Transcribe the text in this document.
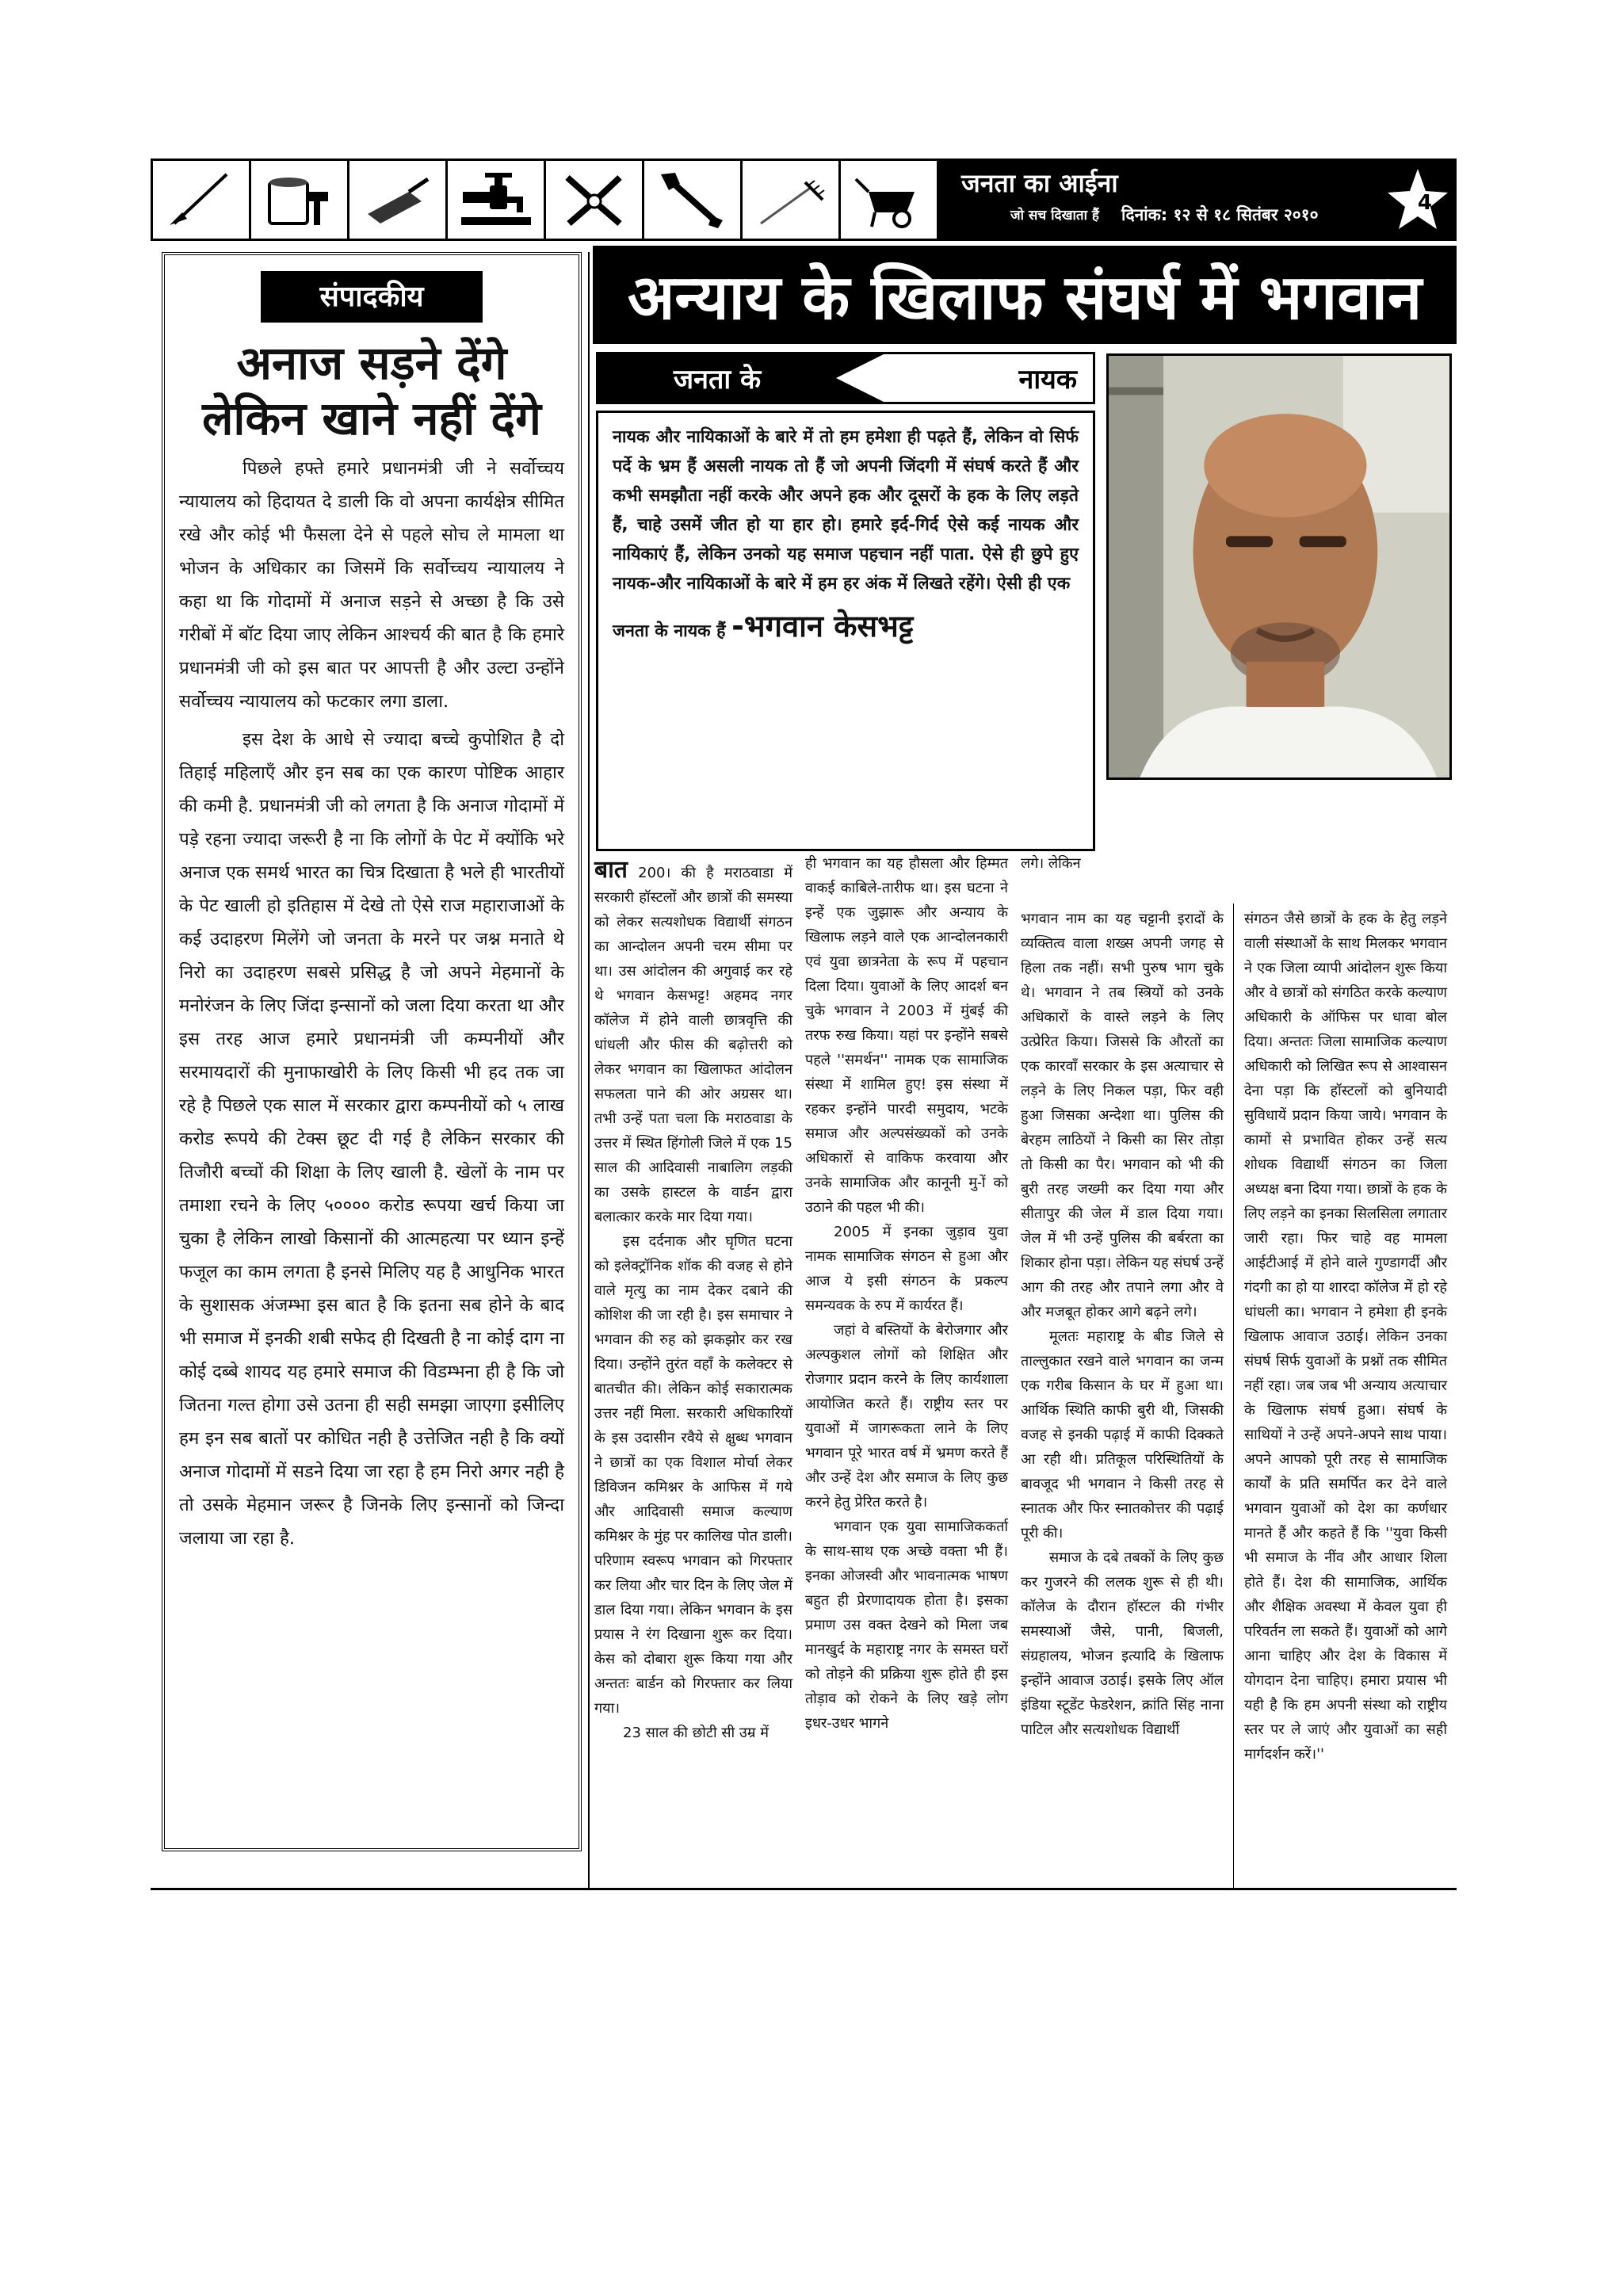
जनता का आईना
जो सच दिखाता हैं दिनांक: १२ से १८ सितंबर २०१०	4
संपादकीय
अनाज सड़ने देंगे
लेकिन खाने नहीं देंगे

पिछले हफ्ते हमारे प्रधानमंत्री जी ने सर्वोच्चय न्यायालय को हिदायत दे डाली कि वो अपना कार्यक्षेत्र सीमित रखे और कोई भी फैसला देने से पहले सोच ले मामला था भोजन के अधिकार का जिसमें कि सर्वोच्चय न्यायालय ने कहा था कि गोदामों में अनाज सड़ने से अच्छा है कि उसे गरीबों में बॉट दिया जाए लेकिन आश्चर्य की बात है कि हमारे प्रधानमंत्री जी को इस बात पर आपत्ती है और उल्टा उन्होंने सर्वोच्चय न्यायालय को फटकार लगा डाला.

इस देश के आधे से ज्यादा बच्चे कुपोशित है दो तिहाई महिलाएँ और इन सब का एक कारण पोष्टिक आहार की कमी है. प्रधानमंत्री जी को लगता है कि अनाज गोदामों में पड़े रहना ज्यादा जरूरी है ना कि लोगों के पेट में क्योंकि भरे अनाज एक समर्थ भारत का चित्र दिखाता है भले ही भारतीयों के पेट खाली हो इतिहास में देखे तो ऐसे राज महाराजाओं के कई उदाहरण मिलेंगे जो जनता के मरने पर जश्न मनाते थे निरो का उदाहरण सबसे प्रसिद्ध है जो अपने मेहमानों के मनोरंजन के लिए जिंदा इन्सानों को जला दिया करता था और इस तरह आज हमारे प्रधानमंत्री जी कम्पनीयों और सरमायदारों की मुनाफाखोरी के लिए किसी भी हद तक जा रहे है पिछले एक साल में सरकार द्वारा कम्पनीयों को ५ लाख करोड रूपये की टेक्स छूट दी गई है लेकिन सरकार की तिजौरी बच्चों की शिक्षा के लिए खाली है. खेलों के नाम पर तमाशा रचने के लिए ५०००० करोड रूपया खर्च किया जा चुका है लेकिन लाखो किसानों की आत्महत्या पर ध्यान इन्हें फजूल का काम लगता है इनसे मिलिए यह है आधुनिक भारत के सुशासक अंजम्भा इस बात है कि इतना सब होने के बाद भी समाज में इनकी शबी सफेद ही दिखती है ना कोई दाग ना कोई दब्बे शायद यह हमारे समाज की विडम्भना ही है कि जो जितना गल्त होगा उसे उतना ही सही समझा जाएगा इसीलिए हम इन सब बातों पर कोधित नही है उत्तेजित नही है कि क्यों अनाज गोदामों में सडने दिया जा रहा है हम निरो अगर नही है तो उसके मेहमान जरूर है जिनके लिए इन्सानों को जिन्दा जलाया जा रहा है.

अन्याय के खिलाफ संघर्ष में भगवान
जनता के	नायक

नायक और नायिकाओं के बारे में तो हम हमेशा ही पढ़ते हैं, लेकिन वो सिर्फ पर्दे के भ्रम हैं असली नायक तो हैं जो अपनी जिंदगी में संघर्ष करते हैं और कभी समझौता नहीं करके और अपने हक और दूसरों के हक के लिए लड़ते हैं, चाहे उसमें जीत हो या हार हो। हमारे इर्द-गिर्द ऐसे कई नायक और नायिकाएं हैं, लेकिन उनको यह समाज पहचान नहीं पाता. ऐसे ही छुपे हुए नायक-और नायिकाओं के बारे में हम हर अंक में लिखते रहेंगे। ऐसी ही एक

जनता के नायक हैं -भगवान केसभट्ट

बात 200। की है मराठवाडा में सरकारी हॉस्टलों और छात्रों की समस्या को लेकर सत्यशोधक विद्यार्थी संगठन का आन्दोलन अपनी चरम सीमा पर था। उस आंदोलन की अगुवाई कर रहे थे भगवान केसभट्ट! अहमद नगर कॉलेज में होने वाली छात्रवृत्ति की धांधली और फीस की बढ़ोत्तरी को लेकर भगवान का खिलाफत आंदोलन सफलता पाने की ओर अग्रसर था। तभी उन्हें पता चला कि मराठवाडा के उत्तर में स्थित हिंगोली जिले में एक 15 साल की आदिवासी नाबालिग लड़की का उसके हास्टल के वार्डन द्वारा बलात्कार करके मार दिया गया।

इस दर्दनाक और घृणित घटना को इलेक्ट्रॉनिक शॉक की वजह से होने वाले मृत्यु का नाम देकर दबाने की कोशिश की जा रही है। इस समाचार ने भगवान की रुह को झकझोर कर रख दिया। उन्होंने तुरंत वहाँ के कलेक्टर से बातचीत की। लेकिन कोई सकारात्मक उत्तर नहीं मिला. सरकारी अधिकारियों के इस उदासीन रवैये से क्षुब्ध भगवान ने छात्रों का एक विशाल मोर्चा लेकर डिविजन कमिश्नर के आफिस में गये और आदिवासी समाज कल्याण कमिश्नर के मुंह पर कालिख पोत डाली। परिणाम स्वरूप भगवान को गिरफ्तार कर लिया और चार दिन के लिए जेल में डाल दिया गया। लेकिन भगवान के इस प्रयास ने रंग दिखाना शुरू कर दिया। केस को दोबारा शुरू किया गया और अन्ततः बार्डन को गिरफ्तार कर लिया गया।

23 साल की छोटी सी उम्र में

ही भगवान का यह हौसला और हिम्मत वाकई काबिले-तारीफ था। इस घटना ने इन्हें एक जुझारू और अन्याय के खिलाफ लड़ने वाले एक आन्दोलनकारी एवं युवा छात्रनेता के रूप में पहचान दिला दिया। युवाओं के लिए आदर्श बन चुके भगवान ने 2003 में मुंबई की तरफ रुख किया। यहां पर इन्होंने सबसे पहले ''समर्थन'' नामक एक सामाजिक संस्था में शामिल हुए! इस संस्था में रहकर इन्होंने पारदी समुदाय, भटके समाज और अल्पसंख्यकों को उनके अधिकारों से वाकिफ करवाया और उनके सामाजिक और कानूनी मु-ों को उठाने की पहल भी की।

2005 में इनका जुड़ाव युवा नामक सामाजिक संगठन से हुआ और आज ये इसी संगठन के प्रकल्प समन्यवक के रुप में कार्यरत हैं।

जहां वे बस्तियों के बेरोजगार और अल्पकुशल लोगों को शिक्षित और रोजगार प्रदान करने के लिए कार्यशाला आयोजित करते हैं। राष्ट्रीय स्तर पर युवाओं में जागरूकता लाने के लिए भगवान पूरे भारत वर्ष में भ्रमण करते हैं और उन्हें देश और समाज के लिए कुछ करने हेतु प्रेरित करते है।

भगवान एक युवा सामाजिककर्ता के साथ-साथ एक अच्छे वक्ता भी हैं। इनका ओजस्वी और भावनात्मक भाषण बहुत ही प्रेरणादायक होता है। इसका प्रमाण उस वक्त देखने को मिला जब मानखुर्द के महाराष्ट्र नगर के समस्त घरों को तोड़ने की प्रक्रिया शुरू होते ही इस तोड़ाव को रोकने के लिए खड़े लोग इधर-उधर भागने

लगे। लेकिन

भगवान नाम का यह चट्टानी इरादों के व्यक्तित्व वाला शख्स अपनी जगह से हिला तक नहीं। सभी पुरुष भाग चुके थे। भगवान ने तब स्त्रियों को उनके अधिकारों के वास्ते लड़ने के लिए उत्प्रेरित किया। जिससे कि औरतों का एक कारवाँ सरकार के इस अत्याचार से लड़ने के लिए निकल पड़ा, फिर वही हुआ जिसका अन्देशा था। पुलिस की बेरहम लाठियों ने किसी का सिर तोड़ा तो किसी का पैर। भगवान को भी की बुरी तरह जख्मी कर दिया गया और सीतापुर की जेल में डाल दिया गया। जेल में भी उन्हें पुलिस की बर्बरता का शिकार होना पड़ा। लेकिन यह संघर्ष उन्हें आग की तरह और तपाने लगा और वे और मजबूत होकर आगे बढ़ने लगे।

मूलतः महाराष्ट्र के बीड जिले से ताल्लुकात रखने वाले भगवान का जन्म एक गरीब किसान के घर में हुआ था। आर्थिक स्थिति काफी बुरी थी, जिसकी वजह से इनकी पढ़ाई में काफी दिक्कते आ रही थी। प्रतिकूल परिस्थितियों के बावजूद भी भगवान ने किसी तरह से स्नातक और फिर स्नातकोत्तर की पढ़ाई पूरी की।

समाज के दबे तबकों के लिए कुछ कर गुजरने की ललक शुरू से ही थी। कॉलेज के दौरान हॉस्टल की गंभीर समस्याओं जैसे, पानी, बिजली, संग्रहालय, भोजन इत्यादि के खिलाफ इन्होंने आवाज उठाई। इसके लिए ऑल इंडिया स्टूडेंट फेडरेशन, क्रांति सिंह नाना पाटिल और सत्यशोधक विद्यार्थी

संगठन जैसे छात्रों के हक के हेतु लड़ने वाली संस्थाओं के साथ मिलकर भगवान ने एक जिला व्यापी आंदोलन शुरू किया और वे छात्रों को संगठित करके कल्याण अधिकारी के ऑफिस पर धावा बोल दिया। अन्ततः जिला सामाजिक कल्याण अधिकारी को लिखित रूप से आश्वासन देना पड़ा कि हॉस्टलों को बुनियादी सुविधायें प्रदान किया जाये। भगवान के कामों से प्रभावित होकर उन्हें सत्य शोधक विद्यार्थी संगठन का जिला अध्यक्ष बना दिया गया। छात्रों के हक के लिए लड़ने का इनका सिलसिला लगातार जारी रहा। फिर चाहे वह मामला आईटीआई में होने वाले गुण्डागर्दी और गंदगी का हो या शारदा कॉलेज में हो रहे धांधली का। भगवान ने हमेशा ही इनके खिलाफ आवाज उठाई। लेकिन उनका संघर्ष सिर्फ युवाओं के प्रश्नों तक सीमित नहीं रहा। जब जब भी अन्याय अत्याचार के खिलाफ संघर्ष हुआ। संघर्ष के साथियों ने उन्हें अपने-अपने साथ पाया। अपने आपको पूरी तरह से सामाजिक कार्यों के प्रति समर्पित कर देने वाले भगवान युवाओं को देश का कर्णधार मानते हैं और कहते हैं कि ''युवा किसी भी समाज के नींव और आधार शिला होते हैं। देश की सामाजिक, आर्थिक और शैक्षिक अवस्था में केवल युवा ही परिवर्तन ला सकते हैं। युवाओं को आगे आना चाहिए और देश के विकास में योगदान देना चाहिए। हमारा प्रयास भी यही है कि हम अपनी संस्था को राष्ट्रीय स्तर पर ले जाएं और युवाओं का सही मार्गदर्शन करें।''
